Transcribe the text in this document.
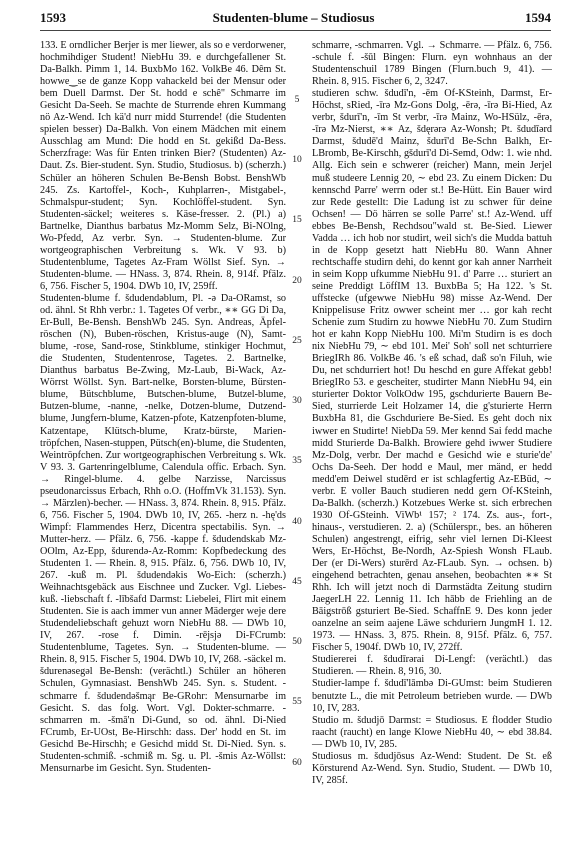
1593	Studenten-blume – Studiosus	1594

133. E orndlicher Berjer is mer liewer, als so e verdorwener, hochmihdiger Student! NiebHu 39. e durchgefallener St. Da-Balkh. Pimm 1, 14. BuxbMo 162. VolkBe 46. Dêm St. howwe‿se de ganze Kopp vahackeld bei der Mensur oder bem Duell Darmst. Der St. hodd e schê" Schmarre im Gesicht Da-Seeh. Se machte de Sturrende ehren Kummang nö Az-Wend. Ich kä'd nurr midd Sturrende! (die Studenten spielen besser) Da-Balkh. Von einem Mädchen mit einem Ausschlag am Mund: Die hodd en St. gekißd Da-Bess. Scherzfrage: Was für Enten trinken Bier? (Studenten) Az-Daut. Zs. Bier-student. Syn. Studio, Studiosus. b) (scherzh.) Schüler an höheren Schulen Be-Bensh Bobst. BenshWb 245. Zs. Kartoffel-, Koch-, Kuhplarren-, Mistgabel-, Schmalspur-student; Syn. Kochlöffel-student. Syn. Studenten-säckel; weiteres s. Käse-fresser. 2. (Pl.) a) Bartnelke, Dianthus barbatus Mz-Momm Selz, Bi-NOlng, Wo-Pfedd, Az verbr. Syn. → Studenten-blume. Zur wortgeographischen Verbreitung s. Wk. V 93. b) Studentenblume, Tagetes Az-Fram Wöllst Sief. Syn. → Studenten-blume. — HNass. 3, 874. Rhein. 8, 914f. Pfälz. 6, 756. Fischer 5, 1904. DWb 10, IV, 259ff.

Studenten-blume f. šdudendəblum, Pl. -ə Da-ORamst, so od. ähnl. St Rhh verbr.: 1. Tagetes Of verbr., ∗∗ GG Di Da, Er-Bull, Be-Bensh. BenshWb 245. Syn. Andreas, Äpfel-röschen (N), Buben-röschen, Kristus-auge (N), Samt-blume, -rose, Sand-rose, Stinkblume, stinkiger Hochmut, die Studenten, Studentenrose, Tagetes. 2. Bartnelke, Dianthus barbatus Be-Zwing, Mz-Laub, Bi-Wack, Az-Wörrst Wöllst. Syn. Bart-nelke, Borsten-blume, Bürsten-blume, Bütschblume, Butschen-blume, Butzel-blume, Butzen-blume, -nanne, -nelke, Dotzen-blume, Dutzend-blume, Jungfern-blume, Katzen-pfote, Katzenpfoten-blume, Katzentape, Klütsch-blume, Kratz-bürste, Marien-tröpfchen, Nasen-stuppen, Pütsch(en)-blume, die Studenten, Weintröpfchen. Zur wortgeographischen Verbreitung s. Wk. V 93. 3. Gartenringelblume, Calendula offic. Erbach. Syn. → Ringel-blume. 4. gelbe Narzisse, Narcissus pseudonarcissus Erbach, Rhh o.O. (HoffmVk 31.153). Syn. → Märzlen)-becher. — HNass. 3, 874. Rhein. 8, 915. Pfälz. 6, 756. Fischer 5, 1904. DWb 10, IV, 265. -herz n. -hę'ds Wimpf: Flammendes Herz, Dicentra spectabilis. Syn. → Mutter-herz. — Pfälz. 6, 756. -kappe f. šdudendskab Mz-OOlm, Az-Epp, šdurendə-Az-Romm: Kopfbedeckung des Studenten 1. — Rhein. 8, 915. Pfälz. 6, 756. DWb 10, IV, 267. -kuß m. Pl. šdudendəkis Wo-Eich: (scherzh.) Weihnachtsgebäck aus Eischnee und Zucker. Vgl. Liebes-kuß. -liebschaft f. -lībšafd Darmst: Liebelei, Flirt mit einem Studenten. Sie is aach immer vun anner Mäderger weje dere Studendeliebschaft gehuzt worn NiebHu 88. — DWb 10, IV, 267. -rose f. Dimin. -rējsjə Di-FCrumb: Studentenblume, Tagetes. Syn. → Studenten-blume. — Rhein. 8, 915. Fischer 5, 1904. DWb 10, IV, 268. -säckel m. šdurenəsegəl Be-Bensh: (verächtl.) Schüler an höheren Schulen, Gymnasiast. BenshWb 245. Syn. s. Student. -schmarre f. šdudendəšmąr Be-GRohr: Mensurnarbe im Gesicht. S. das folg. Wort. Vgl. Dokter-schmarre. -schmarren m. -šmā'n Di-Gund, so od. ähnl. Di-Nied FCrumb, Er-UOst, Be-Hirschh: dass. Der' hodd en St. im Gesichd Be-Hirschh; e Gesichd midd St. Di-Nied. Syn. s. Studenten-schmiß. -schmiß m. Sg. u. Pl. -šmis Az-Wöllst: Mensurnarbe im Gesicht. Syn. Studenten-

schmarre, -schmarren. Vgl. → Schmarre. — Pfälz. 6, 756. -schule f. -šūl Bingen: Flurn. eyn wohnhaus an der Studentenschuil 1789 Bingen (Flurn.buch 9, 41). — Rhein. 8, 915. Fischer 6, 2, 3247.

studieren schw. šdudī'n, -ēm Of-KSteinh, Darmst, Er-Höchst, sRied, -īrə Mz-Gons Dolg, -ērə, -īrə Bi-Hied, Az verbr, šdurī'n, -īm St verbr, -īrə Mainz, Wo-HSülz, -ērə, -īrə Mz-Nierst, ∗∗ Az, šdęrərə Az-Wonsh; Pt. šdudīərd Darmst, šdudē'd Mainz, šdurī'd Be-Schn Balkh, Er-LBromb, Be-Kirschh, gšdurī'd Di-Semd, Odw: 1. wie nhd. Allg. Eich sein e schwerer (reicher) Mann, mein Jerjel muß studeere Lennig 20, ∼ ebd 23. Zu einem Dicken: Du kennschd Parre' werrn oder st.! Be-Hütt. Ein Bauer wird zur Rede gestellt: Die Ladung ist zu schwer für deine Ochsen! — Dö härren se solle Parre' st.! Az-Wend. uff ebbes Be-Bensh, Rechdsou"wald st. Be-Sied. Liewer Vadda … ich hob nor studirt, weil sich's die Mudda battuh in de Kopp gesetzt hatt NiebHu 80. Wann Ahner rechtschaffe studirn dehi, do kennt gor kah anner Narrheit in seim Kopp ufkumme NiebHu 91. d' Parre … sturiert an seine Preddigt LöffIM 13. BuxbBa 5; Ha 122. 's St. uffstecke (ufgewwe NiebHu 98) misse Az-Wend. Der Knippelisuse Fritz owwer scheint mer … gor kah recht Schenie zum Studirn zu howwe NiebHu 70. Zum Studirn hot er kahn Kopp NiebHu 100. Mi'm Studirn is es doch nix NiebHu 79, ∼ ebd 101. Mei' Soh' soll net schturriere BriegIRh 86. VolkBe 46. 's eß schad, daß so'n Filuh, wie Du, net schdurriert hot! Du heschd en gure Affekat gebb! BriegIRo 53. e gescheiter, studirter Mann NiebHu 94, ein sturierter Doktor VolkOdw 195, gschdurierte Bauern Be-Sied, sturrierde Leit Holzamer 14, die g'sturierte Herrn BuxbHa 81, die Gschduriere Be-Sied. Es geht doch nix iwwer en Studirte! NiebDa 59. Mer kennd Sai fedd mache midd Sturierde Da-Balkh. Browiere gehd iwwer Studiere Mz-Dolg, verbr. Der machd e Gesichd wie e sturie'de' Ochs Da-Seeh. Der hodd e Maul, mer mänd, er hedd medd'em Deiwel studērd er ist schlagfertig Az-EBüd, ∼ verbr. E voller Bauch studieren nedd gern Of-KSteinh, Da-Balkh. (scherzh.) Kotzebues Werke st. sich erbrechen 1930 Of-GSteinh. ViWb¹ 157; ² 174. Zs. aus-, fort-, hinaus-, verstudieren. 2. a) (Schülerspr., bes. an höheren Schulen) angestrengt, eifrig, sehr viel lernen Di-Kleest Wers, Er-Höchst, Be-Nordh, Az-Spiesh Wonsh FLaub. Der (er Di-Wers) sturērd Az-FLaub. Syn. → ochsen. b) eingehend betrachten, genau ansehen, beobachten ∗∗ St Rhh. Ich will jetzt noch di Darmstädta Zeitung studirn JaegerLH 22. Lennig 11. Ich hābb de Friehling an de Bāigstrōß gsturiert Be-Sied. SchaffnE 9. Des konn jeder oanzelne an seim aajene Läwe schduriern JungmH 1. 12. 1973. — HNass. 3, 875. Rhein. 8, 915f. Pfälz. 6, 757. Fischer 5, 1904f. DWb 10, IV, 272ff.

Studiererei f. šdudīrərai Di-Lengf: (verächtl.) das Studieren. — Rhein. 8, 916, 30.

Studier-lampe f. šdudī'lāmbə Di-GUmst: beim Studieren benutzte L., die mit Petroleum betrieben wurde. — DWb 10, IV, 283.

Studio m. šdudjō Darmst: = Studiosus. E flodder Studio raacht (raucht) en lange Klowe NiebHu 40, ∼ ebd 38.84. — DWb 10, IV, 285.

Studiosus m. šdudjōsus Az-Wend: Student. De St. eß Körsturend Az-Wend. Syn. Studio, Student. — DWb 10, IV, 285f.

5
10
15
20
25
30
35
40
45
50
55
60
